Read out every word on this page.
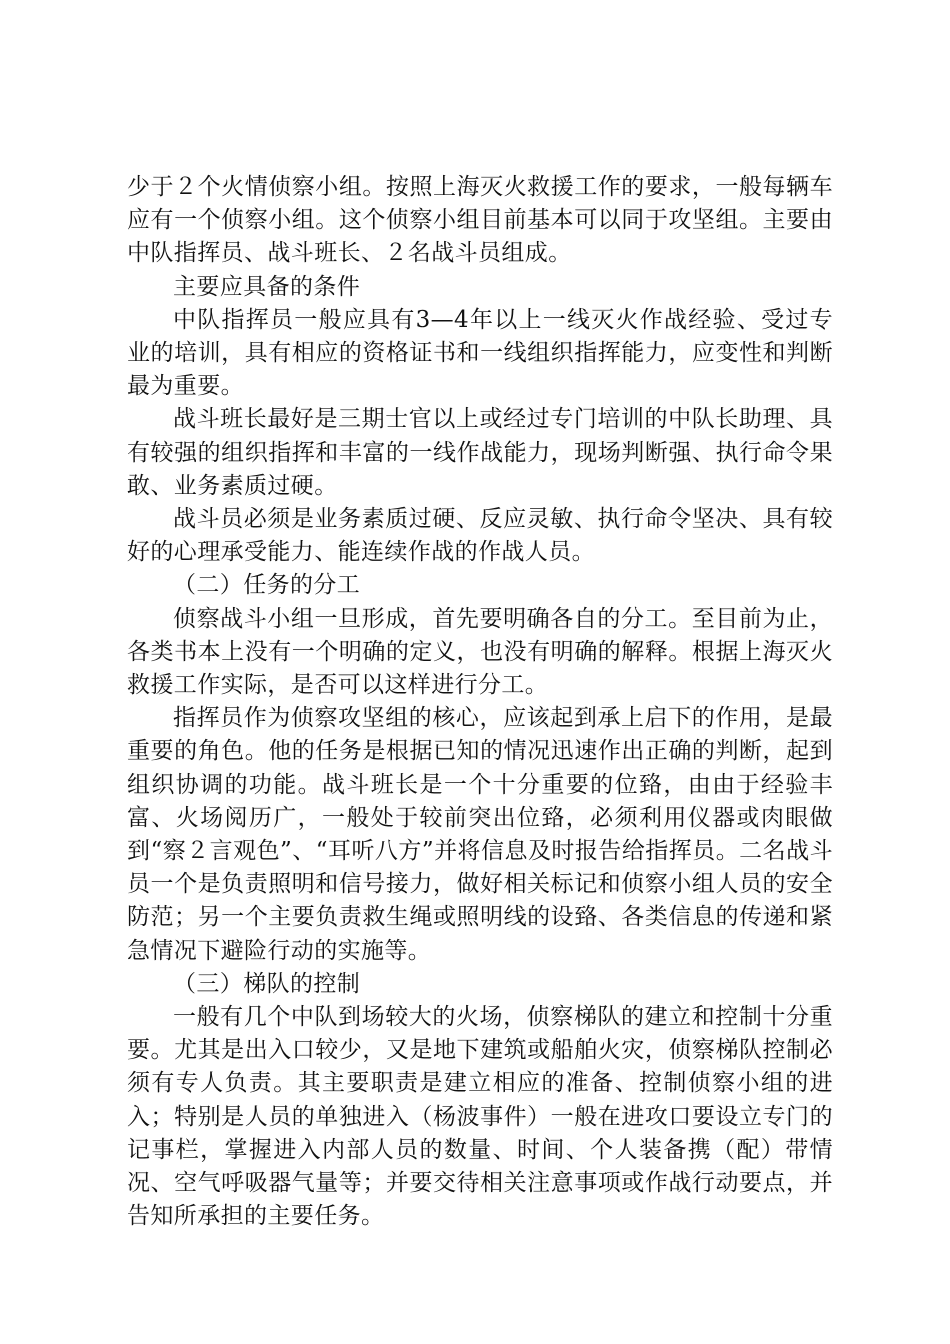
少于２个火情侦察小组。按照上海灭火救援工作的要求，一般每辆车应有一个侦察小组。这个侦察小组目前基本可以同于攻坚组。主要由中队指挥员、战斗班长、２名战斗员组成。

主要应具备的条件

中队指挥员一般应具有3—4年以上一线灭火作战经验、受过专业的培训，具有相应的资格证书和一线组织指挥能力，应变性和判断最为重要。

战斗班长最好是三期士官以上或经过专门培训的中队长助理、具有较强的组织指挥和丰富的一线作战能力，现场判断强、执行命令果敢、业务素质过硬。

战斗员必须是业务素质过硬、反应灵敏、执行命令坚决、具有较好的心理承受能力、能连续作战的作战人员。

（二）任务的分工

侦察战斗小组一旦形成，首先要明确各自的分工。至目前为止，各类书本上没有一个明确的定义，也没有明确的解释。根据上海灭火救援工作实际，是否可以这样进行分工。

指挥员作为侦察攻坚组的核心，应该起到承上启下的作用，是最重要的角色。他的任务是根据已知的情况迅速作出正确的判断，起到组织协调的功能。战斗班长是一个十分重要的位臵，由由于经验丰富、火场阅历广，一般处于较前突出位臵，必须利用仪器或肉眼做到“察２言观色”、“耳听八方”并将信息及时报告给指挥员。二名战斗员一个是负责照明和信号接力，做好相关标记和侦察小组人员的安全防范；另一个主要负责救生绳或照明线的设臵、各类信息的传递和紧急情况下避险行动的实施等。

（三）梯队的控制

一般有几个中队到场较大的火场，侦察梯队的建立和控制十分重要。尤其是出入口较少，又是地下建筑或船舶火灾，侦察梯队控制必须有专人负责。其主要职责是建立相应的准备、控制侦察小组的进入；特别是人员的单独进入（杨波事件）一般在进攻口要设立专门的记事栏，掌握进入内部人员的数量、时间、个人装备携（配）带情况、空气呼吸器气量等；并要交待相关注意事项或作战行动要点，并告知所承担的主要任务。
